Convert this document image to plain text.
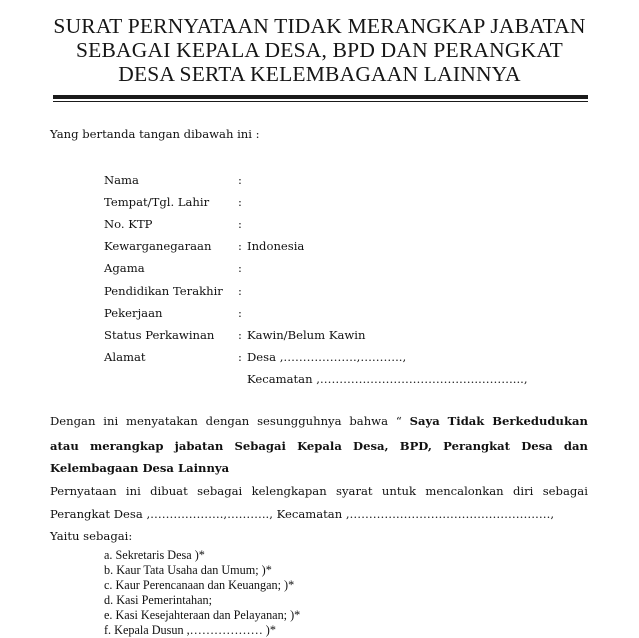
SURAT PERNYATAAN TIDAK MERANGKAP JABATAN
SEBAGAI KEPALA DESA, BPD DAN PERANGKAT
DESA SERTA KELEMBAGAAN LAINNYA
Yang bertanda tangan dibawah ini :
Nama	:
Tempat/Tgl. Lahir :
No. KTP	:
Kewarganegaraan : Indonesia
Agama	:
Pendidikan Terakhir :
Pekerjaan	:
Status Perkawinan : Kawin/Belum Kawin
Alamat	: Desa ,……………….,………..,
Kecamatan ,…………………………………..………...,
Dengan ini menyatakan dengan sesungguhnya bahwa “ Saya Tidak Berkedudukan
atau merangkap jabatan Sebagai Kepala Desa, BPD, Perangkat Desa dan
Kelembagaan Desa Lainnya
Pernyataan ini dibuat sebagai kelengkapan syarat untuk mencalonkan diri sebagai
Perangkat Desa ,……………….,……….., Kecamatan ,…………………………………………….,
Yaitu sebagai:
a. Sekretaris Desa )*
b. Kaur Tata Usaha dan Umum; )*
c. Kaur Perencanaan dan Keuangan; )*
d. Kasi Pemerintahan;
e. Kasi Kesejahteraan dan Pelayanan; )*
f. Kepala Dusun ,……………… )*
